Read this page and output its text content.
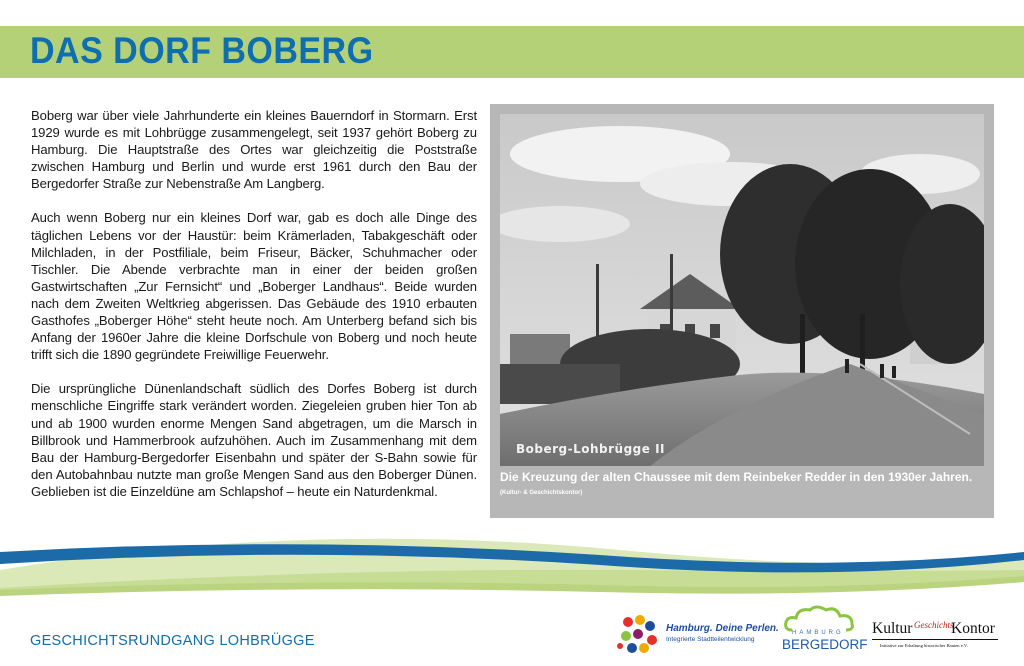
DAS DORF BOBERG

Boberg war über viele Jahrhunderte ein kleines Bauerndorf in Stormarn. Erst 1929 wurde es mit Lohbrügge zusammengelegt, seit 1937 gehört Boberg zu Hamburg. Die Hauptstraße des Ortes war gleichzeitig die Poststraße zwischen Hamburg und Berlin und wurde erst 1961 durch den Bau der Bergedorfer Straße zur Nebenstraße Am Langberg.

Auch wenn Boberg nur ein kleines Dorf war, gab es doch alle Dinge des täglichen Lebens vor der Haustür: beim Krämerladen, Tabakgeschäft oder Milchladen, in der Postfiliale, beim Friseur, Bäcker, Schuhmacher oder Tischler. Die Abende verbrachte man in einer der beiden großen Gastwirtschaften „Zur Fernsicht“ und „Boberger Landhaus“. Beide wurden nach dem Zweiten Weltkrieg abgerissen. Das Gebäude des 1910 erbauten Gasthofes „Boberger Höhe“ steht heute noch. Am Unterberg befand sich bis Anfang der 1960er Jahre die kleine Dorfschule von Boberg und noch heute trifft sich die 1890 gegründete Freiwillige Feuerwehr.

Die ursprüngliche Dünenlandschaft südlich des Dorfes Boberg ist durch menschliche Eingriffe stark verändert worden. Ziegeleien gruben hier Ton ab und ab 1900 wurden enorme Mengen Sand abgetragen, um die Marsch in Billbrook und Hammerbrook aufzuhöhen. Auch im Zusammenhang mit dem Bau der Hamburg-Bergedorfer Eisenbahn und später der S-Bahn sowie für den Autobahnbau nutzte man große Mengen Sand aus den Boberger Dünen. Geblieben ist die Einzeldüne am Schlapshof – heute ein Naturdenkmal.

Boberg-Lohbrügge II
Die Kreuzung der alten Chaussee mit dem Reinbeker Redder in den 1930er Jahren.
(Kultur- & Geschichtskontor)
GESCHICHTSRUNDGANG LOHBRÜGGE
Hamburg. Deine Perlen.
Integrierte Stadtteilentwicklung
HAMBURG
BERGEDORF
Kultur Geschichts
Kontor
Initiative zur Erhaltung historischer Bauten e.V.
